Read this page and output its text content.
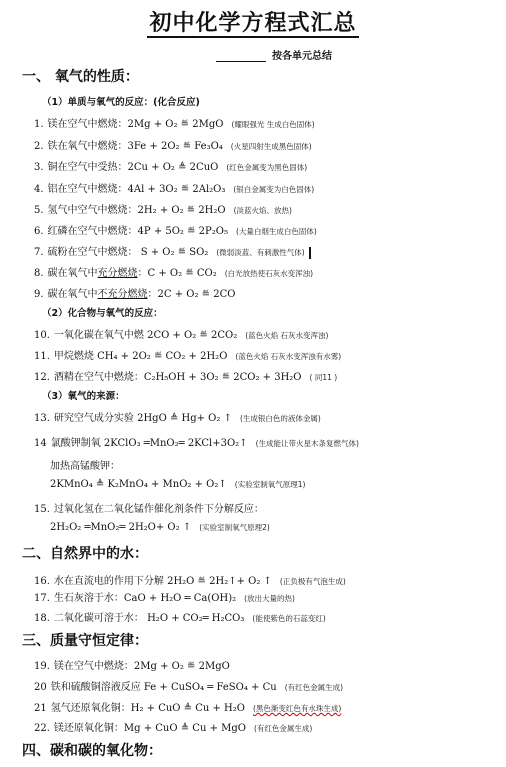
初中化学方程式汇总
按各单元总结
一、 氧气的性质：
（1）单质与氧气的反应：(化合反应)
1. 镁在空气中燃烧：2Mg + O₂ ≝ 2MgO (耀眼强光 生成白色固体)
2. 铁在氧气中燃烧：3Fe + 2O₂ ≝ Fe₃O₄ (火星四射生成黑色固体)
3. 铜在空气中受热：2Cu + O₂ ≜ 2CuO (红色金属变为黑色固体)
4. 铝在空气中燃烧：4Al + 3O₂ ≝ 2Al₂O₃ (银白金属变为白色固体)
5. 氢气中空气中燃烧：2H₂ + O₂ ≝ 2H₂O (淡蓝火焰、放热)
6. 红磷在空气中燃烧：4P + 5O₂ ≝ 2P₂O₅ (大量白烟生成白色固体)
7. 硫粉在空气中燃烧： S + O₂ ≝ SO₂ (微弱淡蓝、有刺激性气体)
8. 碳在氧气中充分燃烧：C + O₂ ≝ CO₂ (白光放热使石灰水变浑浊)
9. 碳在氧气中不充分燃烧：2C + O₂ ≝ 2CO
（2）化合物与氧气的反应：
10. 一氧化碳在氧气中燃 2CO + O₂ ≝ 2CO₂ (蓝色火焰 石灰水变浑浊)
11. 甲烷燃烧 CH₄ + 2O₂ ≝ CO₂ + 2H₂O (蓝色火焰 石灰水变浑浊有水雾)
12. 酒精在空气中燃烧：C₂H₅OH + 3O₂ ≝ 2CO₂ + 3H₂O ( 同11 )
（3）氧气的来源：
13. 研究空气成分实验 2HgO ≜ Hg+ O₂ ↑ (生成银白色的液体金属)
14 氯酸钾制氧 2KClO₃ ═MnO₂═ 2KCl+3O₂↑ (生成能让带火星木条复燃气体)
加热高锰酸钾：
2KMnO₄ ≜ K₂MnO₄ + MnO₂ + O₂↑ (实验室制氧气原理1)
15. 过氧化氢在二氧化锰作催化剂条件下分解反应：
2H₂O₂ ═MnO₂═ 2H₂O+ O₂ ↑ (实验室制氧气原理2)
二、自然界中的水：
16. 水在直流电的作用下分解 2H₂O ≝ 2H₂↑+ O₂ ↑ (正负极有气泡生成)
17. 生石灰溶于水：CaO + H₂O ═ Ca(OH)₂ (放出大量的热)
18. 二氧化碳可溶于水： H₂O + CO₂═ H₂CO₃ (能使紫色的石蕊变红)
三、质量守恒定律：
19. 镁在空气中燃烧：2Mg + O₂ ≝ 2MgO
20 铁和硫酸铜溶液反应 Fe + CuSO₄ ═ FeSO₄ + Cu (有红色金属生成)
21 氢气还原氧化铜：H₂ + CuO ≜ Cu + H₂O (黑色渐变红色有水珠生成)
22. 镁还原氧化铜：Mg + CuO ≜ Cu + MgO (有红色金属生成)
四、碳和碳的氧化物：
